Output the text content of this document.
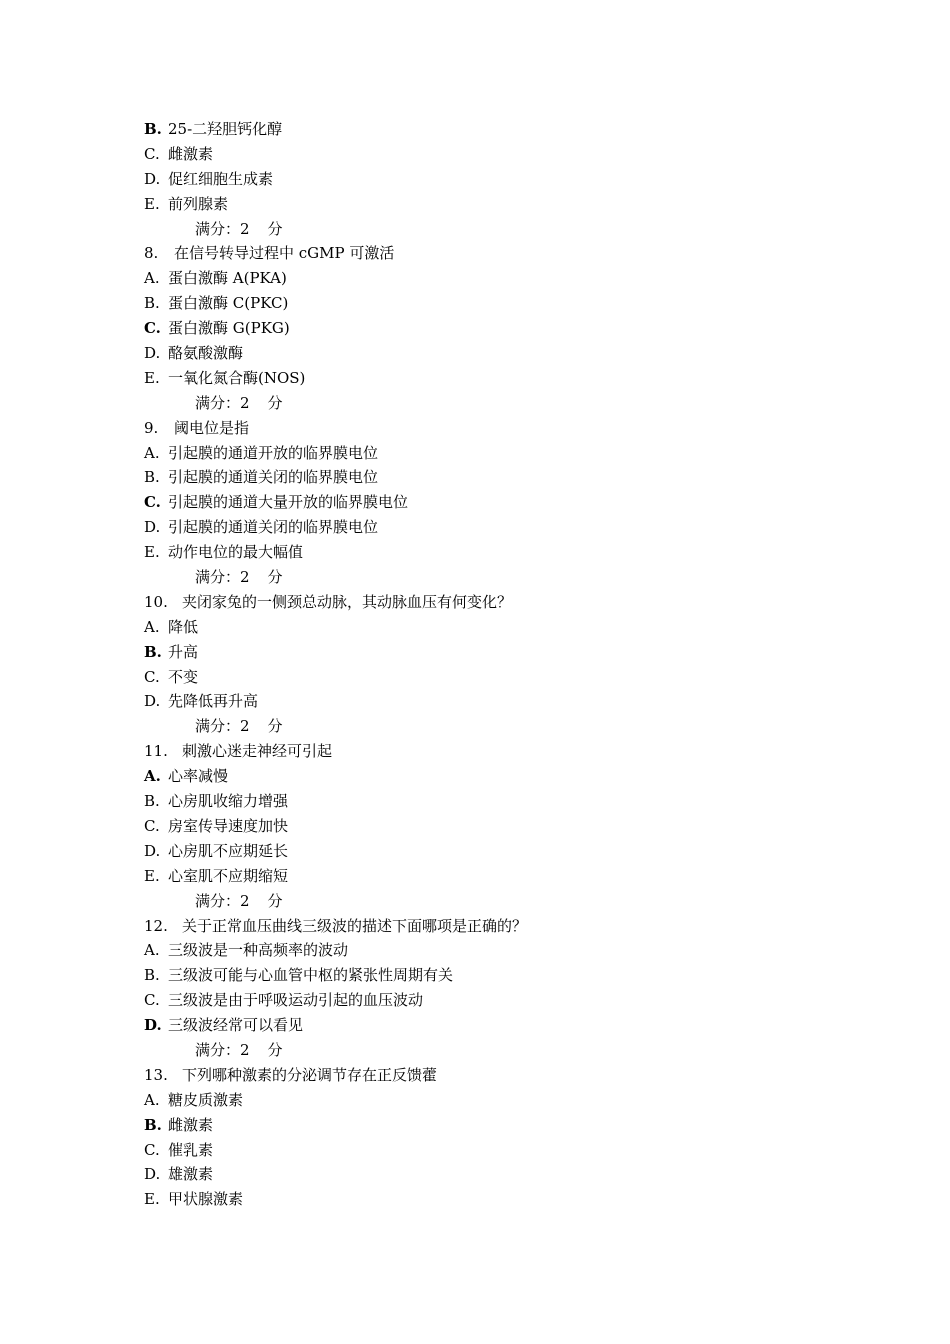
B. 25-二羟胆钙化醇
C. 雌激素
D. 促红细胞生成素
E. 前列腺素
满分：2 分
8. 在信号转导过程中 cGMP 可激活
A. 蛋白激酶 A(PKA)
B. 蛋白激酶 C(PKC)
C. 蛋白激酶 G(PKG)
D. 酪氨酸激酶
E. 一氧化氮合酶(NOS)
满分：2 分
9. 阈电位是指
A. 引起膜的通道开放的临界膜电位
B. 引起膜的通道关闭的临界膜电位
C. 引起膜的通道大量开放的临界膜电位
D. 引起膜的通道关闭的临界膜电位
E. 动作电位的最大幅值
满分：2 分
10. 夹闭家兔的一侧颈总动脉，其动脉血压有何变化？
A. 降低
B. 升高
C. 不变
D. 先降低再升高
满分：2 分
11. 刺激心迷走神经可引起
A. 心率减慢
B. 心房肌收缩力增强
C. 房室传导速度加快
D. 心房肌不应期延长
E. 心室肌不应期缩短
满分：2 分
12. 关于正常血压曲线三级波的描述下面哪项是正确的？
A. 三级波是一种高频率的波动
B. 三级波可能与心血管中枢的紧张性周期有关
C. 三级波是由于呼吸运动引起的血压波动
D. 三级波经常可以看见
满分：2 分
13. 下列哪种激素的分泌调节存在正反馈藿
A. 糖皮质激素
B. 雌激素
C. 催乳素
D. 雄激素
E. 甲状腺激素
